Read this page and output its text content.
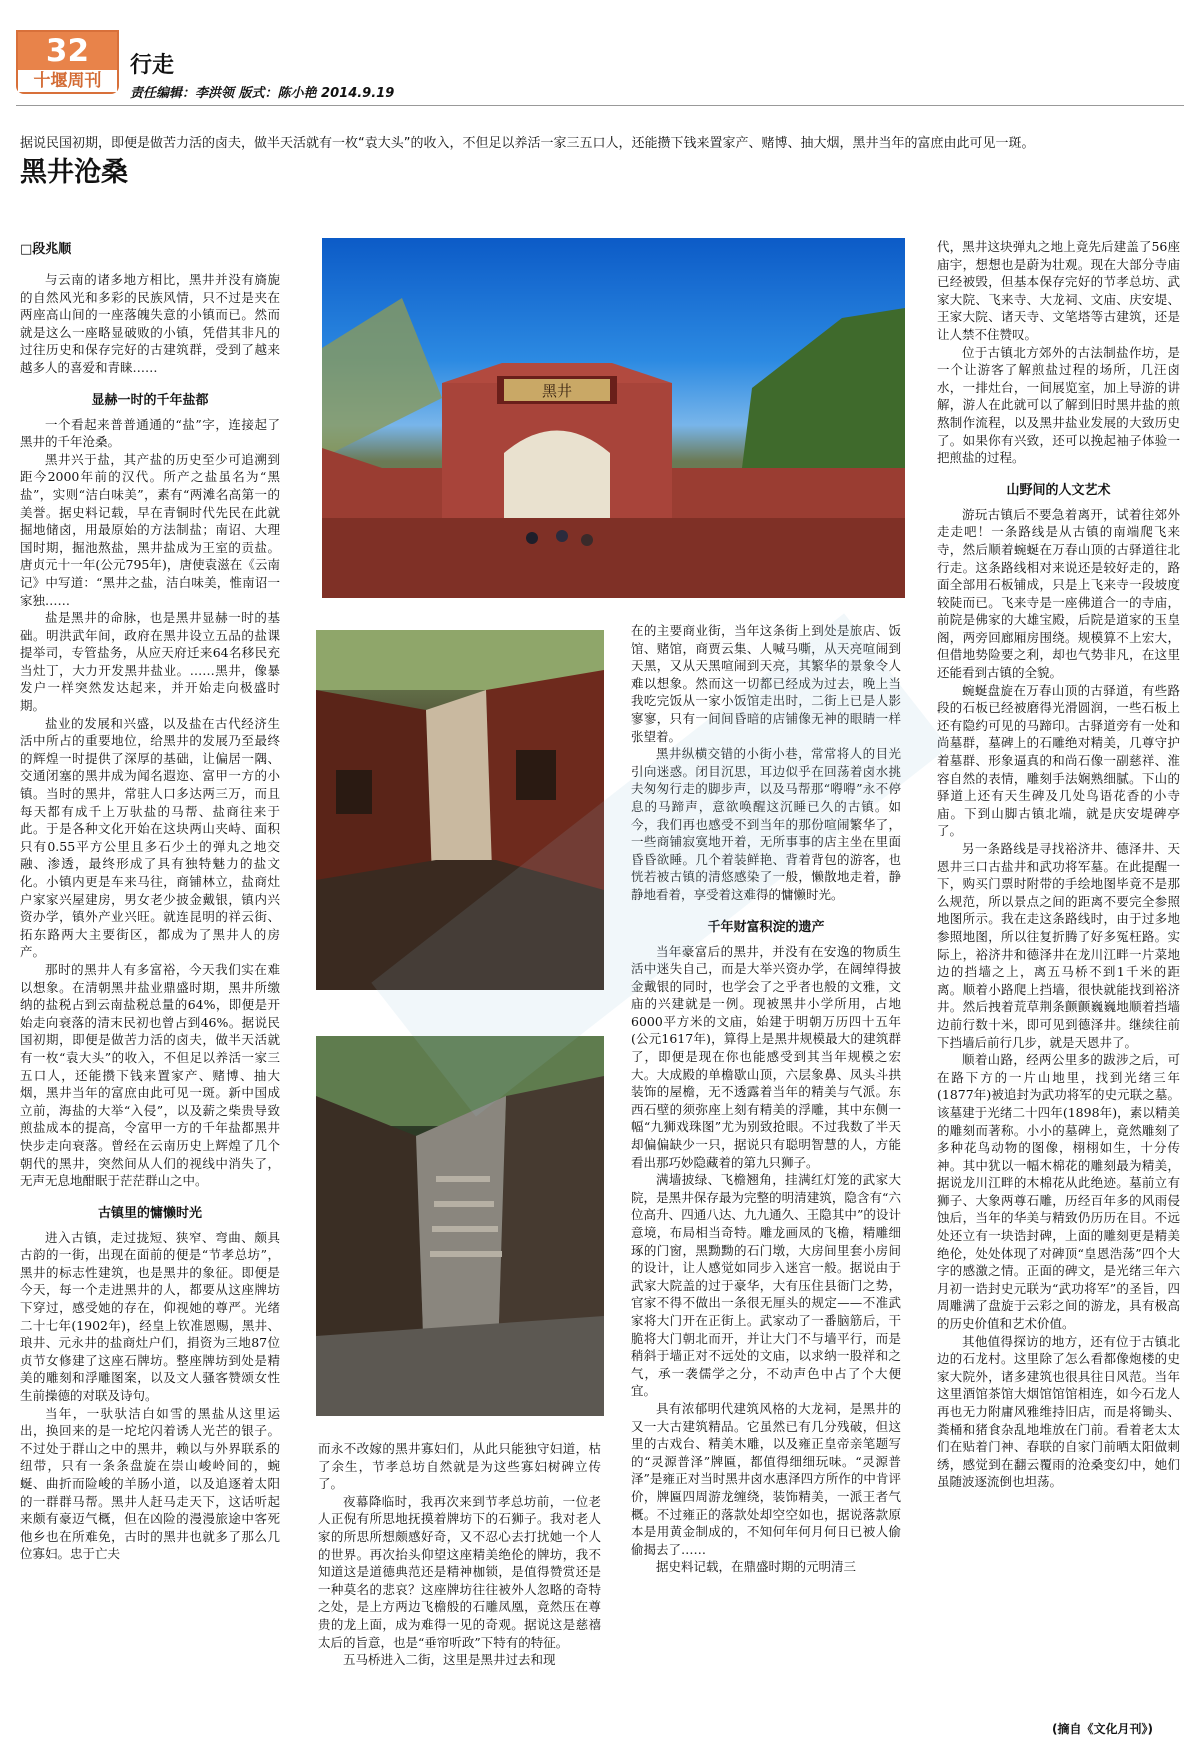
32
十堰周刊
行走
责任编辑：李洪领 版式：陈小艳 2014.9.19
据说民国初期，即便是做苦力活的卤夫，做半天活就有一枚“袁大头”的收入，不但足以养活一家三五口人，还能攒下钱来置家产、赌博、抽大烟，黑井当年的富庶由此可见一斑。
黑井沧桑
□段兆顺

与云南的诸多地方相比，黑井并没有旖旎的自然风光和多彩的民族风情，只不过是夹在两座高山间的一座落魄失意的小镇而已。然而就是这么一座略显破败的小镇，凭借其非凡的过往历史和保存完好的古建筑群，受到了越来越多人的喜爱和青睐……

显赫一时的千年盐都

一个看起来普普通通的“盐”字，连接起了黑井的千年沧桑。

黑井兴于盐，其产盐的历史至少可追溯到距今2000年前的汉代。所产之盐虽名为“黑盐”，实则“洁白味美”，素有“两滩名高第一的美誉。据史料记载，早在青铜时代先民在此就掘地储卤，用最原始的方法制盐；南诏、大理国时期，掘池熬盐，黑井盐成为王室的贡盐。唐贞元十一年(公元795年)，唐使袁滋在《云南记》中写道：“黑井之盐，洁白味美，惟南诏一家独……

盐是黑井的命脉，也是黑井显赫一时的基础。明洪武年间，政府在黑井设立五品的盐课提举司，专管盐务，从应天府迁来64名移民充当灶丁，大力开发黑井盐业。……黑井，像暴发户一样突然发达起来，并开始走向极盛时期。

盐业的发展和兴盛，以及盐在古代经济生活中所占的重要地位，给黑井的发展乃至最终的辉煌一时提供了深厚的基础，让偏居一隅、交通闭塞的黑井成为闻名遐迩、富甲一方的小镇。当时的黑井，常驻人口多达两三万，而且每天都有成千上万驮盐的马帮、盐商往来于此。于是各种文化开始在这块两山夹峙、面积只有0.55平方公里且多石少土的弹丸之地交融、渗透，最终形成了具有独特魅力的盐文化。小镇内更是车来马往，商铺林立，盐商灶户家家兴屋建房，男女老少披金戴银，镇内兴资办学，镇外产业兴旺。就连昆明的祥云街、拓东路两大主要街区，都成为了黑井人的房产。

那时的黑井人有多富裕，今天我们实在难以想象。在清朝黑井盐业鼎盛时期，黑井所缴纳的盐税占到云南盐税总量的64%，即便是开始走向衰落的清末民初也曾占到46%。据说民国初期，即便是做苦力活的卤夫，做半天活就有一枚“袁大头”的收入，不但足以养活一家三五口人，还能攒下钱来置家产、赌博、抽大烟，黑井当年的富庶由此可见一斑。新中国成立前，海盐的大举“入侵”，以及薪之柴贵导致煎盐成本的提高，令富甲一方的千年盐都黑井快步走向衰落。曾经在云南历史上辉煌了几个朝代的黑井，突然间从人们的视线中消失了，无声无息地酣眠于茫茫群山之中。

古镇里的慵懒时光

进入古镇，走过拢短、狭窄、弯曲、颇具古韵的一街，出现在面前的便是“节孝总坊”，黑井的标志性建筑，也是黑井的象征。即便是今天，每一个走进黑井的人，都要从这座牌坊下穿过，感受她的存在，仰视她的尊严。光绪二十七年(1902年)，经皇上钦准恩赐，黑井、琅井、元永井的盐商灶户们，捐资为三地87位贞节女修建了这座石牌坊。整座牌坊到处是精美的雕刻和浮雕图案，以及文人骚客赞颂女性生前操德的对联及诗句。

当年，一驮驮洁白如雪的黑盐从这里运出，换回来的是一坨坨闪着诱人光芒的银子。不过处于群山之中的黑井，赖以与外界联系的纽带，只有一条条盘旋在崇山峻岭间的，蜿蜒、曲折而险峻的羊肠小道，以及追逐着太阳的一群群马帮。黑井人赶马走天下，这话听起来颇有豪迈气概，但在凶险的漫漫旅途中客死他乡也在所难免，古时的黑井也就多了那么几位寡妇。忠于亡夫

而永不改嫁的黑井寡妇们，从此只能独守妇道，枯了余生，节孝总坊自然就是为这些寡妇树碑立传了。

夜幕降临时，我再次来到节孝总坊前，一位老人正倪有所思地抚摸着牌坊下的石狮子。我对老人家的所思所想颇感好奇，又不忍心去打扰她一个人的世界。再次抬头仰望这座精美绝伦的牌坊，我不知道这是道德典范还是精神枷锁，是值得赞赏还是一种莫名的悲哀？这座牌坊往往被外人忽略的奇特之处，是上方两边飞檐般的石雕凤凰，竟然压在尊贵的龙上面，成为难得一见的奇观。据说这是慈禧太后的旨意，也是“垂帘听政”下特有的特征。

五马桥进入二街，这里是黑井过去和现

在的主要商业街，当年这条街上到处是旅店、饭馆、赌馆，商贾云集、人喊马嘶，从天亮喧闹到天黑，又从天黑喧闹到天亮，其繁华的景象令人难以想象。然而这一切都已经成为过去，晚上当我吃完饭从一家小饭馆走出时，二街上已是人影寥寥，只有一间间昏暗的店铺像无神的眼睛一样张望着。

黑井纵横交错的小街小巷，常常将人的目光引向迷惑。闭目沉思，耳边似乎在回荡着卤水挑夫匆匆行走的脚步声，以及马帮那“嘚嘚”永不停息的马蹄声，意欲唤醒这沉睡已久的古镇。如今，我们再也感受不到当年的那份喧闹繁华了，一些商铺寂寞地开着，无所事事的店主坐在里面昏昏欲睡。几个着装鲜艳、背着背包的游客，也恍若被古镇的清悠感染了一般，懒散地走着，静静地看着，享受着这难得的慵懒时光。

千年财富积淀的遗产

当年豪富后的黑井，并没有在安逸的物质生活中迷失自己，而是大举兴资办学，在阔绰得披金戴银的同时，也学会了之乎者也般的文雅，文庙的兴建就是一例。现被黑井小学所用，占地6000平方米的文庙，始建于明朝万历四十五年(公元1617年)，算得上是黑井规模最大的建筑群了，即便是现在你也能感受到其当年规模之宏大。大成殿的单檐歇山顶，六层象鼻、凤头斗拱装饰的屋檐，无不透露着当年的精美与气派。东西石壁的须弥座上刻有精美的浮雕，其中东侧一幅“九狮戏珠图”尤为别致抢眼。不过我数了半天却偏偏缺少一只，据说只有聪明智慧的人，方能看出那巧妙隐藏着的第九只狮子。

满墙披绿、飞檐翘角，挂满红灯笼的武家大院，是黑井保存最为完整的明清建筑，隐含有“六位高升、四通八达、九九通久、王隐其中”的设计意境，布局相当奇特。雕龙画凤的飞檐，精雕细琢的门窗，黑黝黝的石门墩，大房间里套小房间的设计，让人感觉如同步入迷宫一般。据说由于武家大院盖的过于豪华，大有压住县衙门之势，官家不得不做出一条很无厘头的规定——不准武家将大门开在正街上。武家动了一番脑筋后，干脆将大门朝北而开，并让大门不与墙平行，而是稍斜于墙正对不远处的文庙，以求纳一股祥和之气，承一袭儒学之分，不动声色中占了个大便宜。

具有浓郁明代建筑风格的大龙祠，是黑井的又一大古建筑精品。它虽然已有几分残破，但这里的古戏台、精美木雕，以及雍正皇帝亲笔题写的“灵源普泽”牌匾，都值得细细玩味。“灵源普泽”是雍正对当时黑井卤水惠泽四方所作的中肯评价，牌匾四周游龙缠绕，装饰精美，一派王者气概。不过雍正的落款处却空空如也，据说落款原本是用黄金制成的，不知何年何月何日已被人偷偷揭去了……

据史料记载，在鼎盛时期的元明清三

代，黑井这块弹丸之地上竟先后建盖了56座庙宇，想想也是蔚为壮观。现在大部分寺庙已经被毁，但基本保存完好的节孝总坊、武家大院、飞来寺、大龙祠、文庙、庆安堤、王家大院、诸天寺、文笔塔等古建筑，还是让人禁不住赞叹。

位于古镇北方郊外的古法制盐作坊，是一个让游客了解煎盐过程的场所，几汪卤水，一排灶台，一间展览室，加上导游的讲解，游人在此就可以了解到旧时黑井盐的煎熬制作流程，以及黑井盐业发展的大致历史了。如果你有兴致，还可以挽起袖子体验一把煎盐的过程。

山野间的人文艺术

游玩古镇后不要急着离开，试着往郊外走走吧！一条路线是从古镇的南端爬飞来寺，然后顺着蜿蜒在万春山顶的古驿道往北行走。这条路线相对来说还是较好走的，路面全部用石板铺成，只是上飞来寺一段坡度较陡而已。飞来寺是一座佛道合一的寺庙，前院是佛家的大雄宝殿，后院是道家的玉皇阁，两旁回廊厢房围绕。规模算不上宏大，但借地势险要之利，却也气势非凡，在这里还能看到古镇的全貌。

蜿蜒盘旋在万春山顶的古驿道，有些路段的石板已经被磨得光滑圆润，一些石板上还有隐约可见的马蹄印。古驿道旁有一处和尚墓群，墓碑上的石雕绝对精美，几尊守护着墓群、形象逼真的和尚石像一副慈祥、淮容自然的表情，雕刻手法娴熟细腻。下山的驿道上还有天生碑及几处鸟语花香的小寺庙。下到山脚古镇北端，就是庆安堤碑亭了。

另一条路线是寻找裕济井、德泽井、天恩井三口古盐井和武功将军墓。在此提醒一下，购买门票时附带的手绘地图毕竟不是那么规范，所以景点之间的距离不要完全参照地图所示。我在走这条路线时，由于过多地参照地图，所以往复折腾了好多冤枉路。实际上，裕济井和德泽井在龙川江畔一片菜地边的挡墙之上，离五马桥不到1千米的距离。顺着小路爬上挡墙，很快就能找到裕济井。然后拽着荒草荆条颤颤巍巍地顺着挡墙边前行数十米，即可见到德泽井。继续往前下挡墙后前行几步，就是天恩井了。

顺着山路，经两公里多的跋涉之后，可在路下方的一片山地里，找到光绪三年(1877年)被追封为武功将军的史元联之墓。该墓建于光绪二十四年(1898年)，素以精美的雕刻而著称。小小的墓碑上，竟然雕刻了多种花鸟动物的图像，栩栩如生，十分传神。其中犹以一幅木棉花的雕刻最为精美，据说龙川江畔的木棉花从此绝迹。墓前立有狮子、大象两尊石雕，历经百年多的风雨侵蚀后，当年的华美与精致仍历历在目。不远处还立有一块诰封碑，上面的雕刻更是精美绝伦，处处体现了对碑顶“皇恩浩荡”四个大字的感激之情。正面的碑文，是光绪三年六月初一诰封史元联为“武功将军”的圣旨，四周雕满了盘旋于云彩之间的游龙，具有极高的历史价值和艺术价值。

其他值得探访的地方，还有位于古镇北边的石龙村。这里除了怎么看都像炮楼的史家大院外，诸多建筑也很具往日风范。当年这里酒馆茶馆大烟馆馆馆相连，如今石龙人再也无力附庸风雅维持旧店，而是将锄头、粪桶和猪食杂乱地堆放在门前。看着老太太们在贴着门神、春联的自家门前晒太阳做刺绣，感觉到在翻云覆雨的沧桑变幻中，她们虽随波逐流倒也坦荡。

(摘自《文化月刊》)
黑井
